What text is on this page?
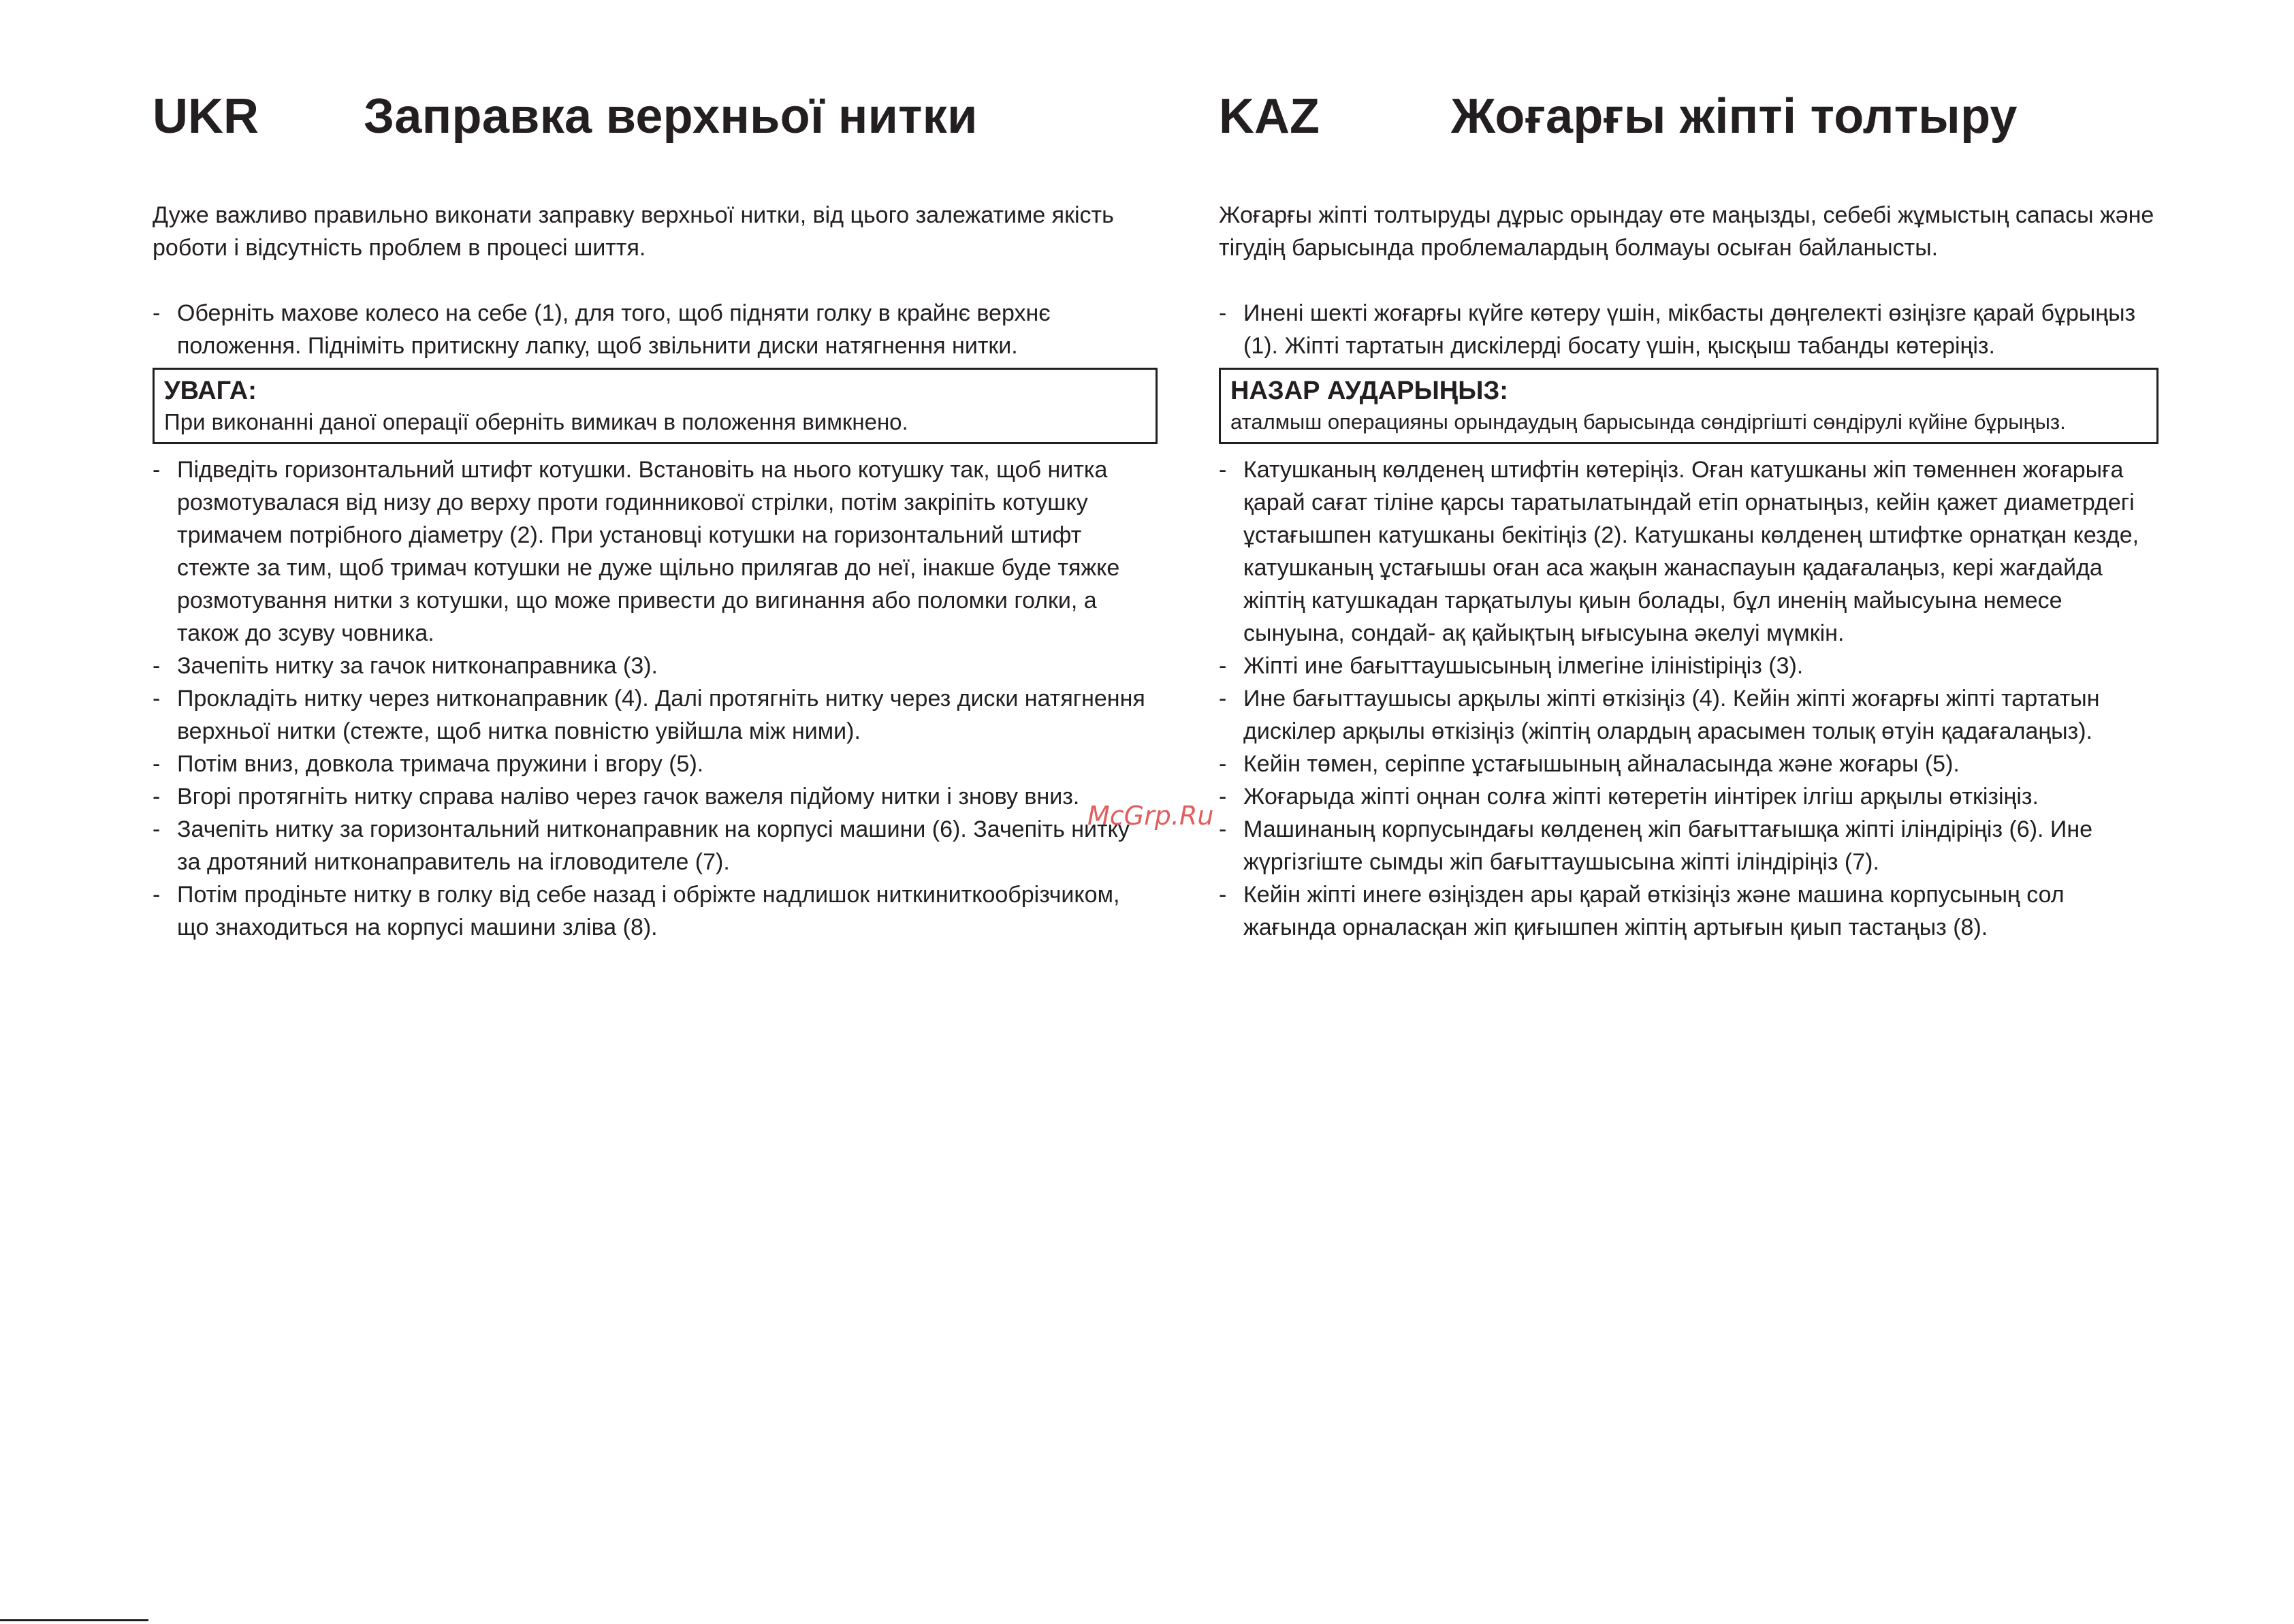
UKR	Заправка верхньої нитки

Дуже важливо правильно виконати заправку верхньої нитки, від цього залежатиме якість роботи і відсутність проблем в процесі шиття.

- Оберніть махове колесо на себе (1), для того, щоб підняти голку в крайнє верхнє положення. Підніміть притискну лапку, щоб звільнити диски натягнення нитки.
УВАГА:
При виконанні даної операції оберніть вимикач в положення вимкнено.
- Підведіть горизонтальний штифт котушки. Встановіть на нього котушку так, щоб нитка розмотувалася від низу до верху проти годинникової стрілки, потім закріпіть котушку тримачем потрібного діаметру (2). При установці котушки на горизонтальний штифт стежте за тим, щоб тримач котушки не дуже щільно прилягав до неї, інакше буде тяжке розмотування нитки з котушки, що може привести до вигинання або поломки голки, а також до зсуву човника.
- Зачепіть нитку за гачок нитконаправника (3).
- Прокладіть нитку через нитконаправник (4). Далі протягніть нитку через диски натягнення верхньої нитки (стежте, щоб нитка повністю увійшла між ними).
- Потім вниз, довкола тримача пружини і вгору (5).
- Вгорі протягніть нитку справа наліво через гачок важеля підйому нитки і знову вниз.
- Зачепіть нитку за горизонтальний нитконаправник на корпусі машини (6). Зачепіть нитку за дротяний нитконаправитель на ігловодителе (7).
- Потім продіньте нитку в голку від себе назад і обріжте надлишок ниткиниткообрізчиком, що знаходиться на корпусі машини зліва (8).
KAZ	Жоғарғы жіпті толтыру

Жоғарғы жіпті толтыруды дұрыс орындау өте маңызды, себебі жұмыстың сапасы және тігудің барысында проблемалардың болмауы осыған байланысты.

- Инені шекті жоғарғы күйге көтеру үшін, мікбасты дөңгелекті өзіңізге қарай бұрыңыз (1). Жіпті тартатын дискілерді босату үшін, қысқыш табанды көтеріңіз.
НАЗАР АУДАРЫҢЫЗ:
аталмыш операцияны орындаудың барысында сөндіргішті сөндірулі күйіне бұрыңыз.
- Катушканың көлденең штифтін көтеріңіз. Оған катушканы жіп төменнен жоғарыға қарай сағат тіліне қарсы таратылатындай етіп орнатыңыз, кейін қажет диаметрдегі ұстағышпен катушканы бекітіңіз (2). Катушканы көлденең штифтке орнатқан кезде, катушканың ұстағышы оған аса жақын жанаспауын қадағалаңыз, кері жағдайда жіптің катушкадан тарқатылуы қиын болады, бұл иненің майысуына немесе сынуына, сондай- ақ қайықтың ығысуына әкелуі мүмкін.
- Жіпті ине бағыттаушысының ілмегіне ілініstіріңіз (3).
- Ине бағыттаушысы арқылы жіпті өткізіңіз (4). Кейін жіпті жоғарғы жіпті тартатын дискілер арқылы өткізіңіз (жіптің олардың арасымен толық өтуін қадағалаңыз).
- Кейін төмен, серіппе ұстағышының айналасында және жоғары (5).
- Жоғарыда жіпті оңнан солға жіпті көтеретін иінтірек ілгіш арқылы өткізіңіз.
- Машинаның корпусындағы көлденең жіп бағыттағышқа жіпті ілiндiрiңiз (6). Ине жүргізгіште сымды жіп бағыттаушысына жіпті ілiндiрiңiз (7).
- Кейін жіпті инеге өзіңізден ары қарай өткізіңіз және машина корпусының сол жағында орналасқан жіп қиғышпен жіптің артығын қиып тастаңыз (8).
McGrp.Ru
